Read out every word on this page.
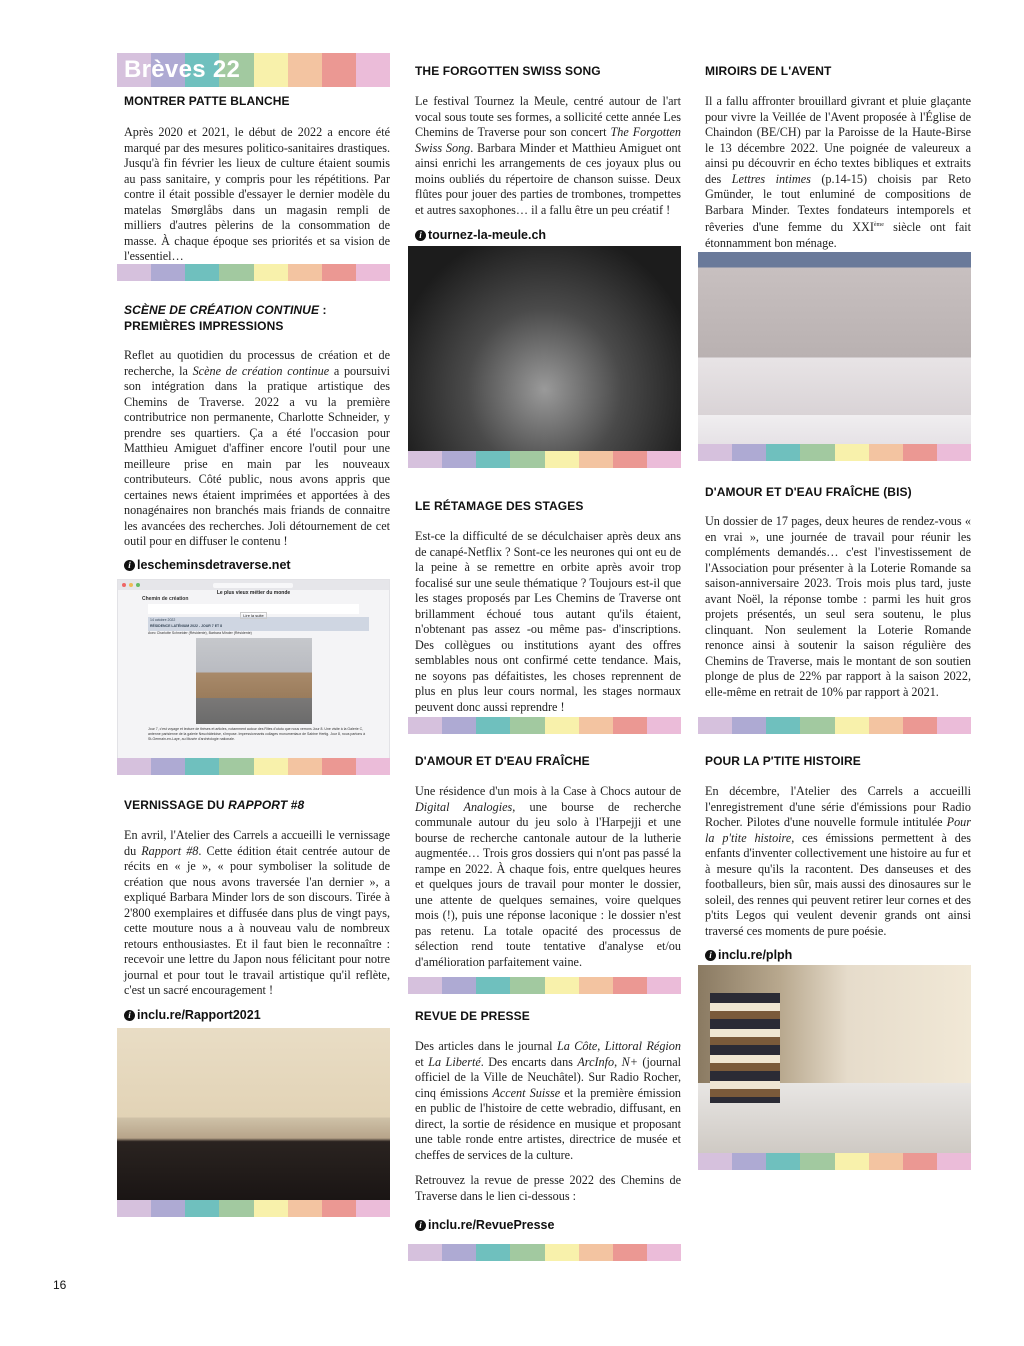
Brèves 22
MONTRER PATTE BLANCHE

Après 2020 et 2021, le début de 2022 a encore été marqué par des mesures politico-sanitaires drastiques. Jusqu'à fin février les lieux de culture étaient soumis au pass sanitaire, y compris pour les répétitions. Par contre il était possible d'essayer le dernier modèle du matelas Smørglåbs dans un magasin rempli de milliers d'autres pèlerins de la consommation de masse. À chaque époque ses priorités et sa vision de l'essentiel…

SCÈNE DE CRÉATION CONTINUE : PREMIÈRES IMPRESSIONS

Reflet au quotidien du processus de création et de recherche, la Scène de création continue a poursuivi son intégration dans la pratique artistique des Chemins de Traverse. 2022 a vu la première contributrice non permanente, Charlotte Schneider, y prendre ses quartiers. Ça a été l'occasion pour Matthieu Amiguet d'affiner encore l'outil pour une meilleure prise en main par les nouveaux contributeurs. Côté public, nous avons appris que certaines news étaient imprimées et apportées à des nonagénaires non branchés mais friands de connaitre les avancées des recherches. Joli détournement de cet outil pour en diffuser le contenu !

i lescheminsdetraverse.net
Le plus vieux métier du monde
Chemin de création
Lire la suite
14 octobre 2022
RÉSIDENCE LATÉNIUM 2022 - JOUR 7 ET 8
Avec Charlotte Schneider (Résidente), Barbara Minder (Résidente)
Jour 7, c'est voyage et lecture de thèses et articles, notamment autour des Rites d'ututu que nous verrons Jour 8. Une visite à la Galerie C, antenne parisienne de la galerie Neuchâteloise, s'impose. Impressionnants collages monumentaux de Sabine Hertig. Jour 8, nous partons à St-Germain-en-Laye, au Musée d'archéologie nationale.
VERNISSAGE DU RAPPORT #8

En avril, l'Atelier des Carrels a accueilli le vernissage du Rapport #8. Cette édition était centrée autour de récits en « je », « pour symboliser la solitude de création que nous avons traversée l'an dernier », a expliqué Barbara Minder lors de son discours. Tirée à 2'800 exemplaires et diffusée dans plus de vingt pays, cette mouture nous a à nouveau valu de nombreux retours enthousiastes. Et il faut bien le reconnaître : recevoir une lettre du Japon nous félicitant pour notre journal et pour tout le travail artistique qu'il reflète, c'est un sacré encouragement !

i inclu.re/Rapport2021
THE FORGOTTEN SWISS SONG

Le festival Tournez la Meule, centré autour de l'art vocal sous toute ses formes, a sollicité cette année Les Chemins de Traverse pour son concert The Forgotten Swiss Song. Barbara Minder et Matthieu Amiguet ont ainsi enrichi les arrangements de ces joyaux plus ou moins oubliés du répertoire de chanson suisse. Deux flûtes pour jouer des parties de trombones, trompettes et autres saxophones… il a fallu être un peu créatif !

i tournez-la-meule.ch
LE RÉTAMAGE DES STAGES

Est-ce la difficulté de se déculchaiser après deux ans de canapé-Netflix ? Sont-ce les neurones qui ont eu de la peine à se remettre en orbite après avoir trop focalisé sur une seule thématique ? Toujours est-il que les stages proposés par Les Chemins de Traverse ont brillamment échoué tous autant qu'ils étaient, n'obtenant pas assez -ou même pas- d'inscriptions. Des collègues ou institutions ayant des offres semblables nous ont confirmé cette tendance. Mais, ne soyons pas défaitistes, les choses reprennent de plus en plus leur cours normal, les stages normaux peuvent donc aussi reprendre !

D'AMOUR ET D'EAU FRAÎCHE

Une résidence d'un mois à la Case à Chocs autour de Digital Analogies, une bourse de recherche communale autour du jeu solo à l'Harpejji et une bourse de recherche cantonale autour de la lutherie augmentée… Trois gros dossiers qui n'ont pas passé la rampe en 2022. À chaque fois, entre quelques heures et quelques jours de travail pour monter le dossier, une attente de quelques semaines, voire quelques mois (!), puis une réponse laconique : le dossier n'est pas retenu. La totale opacité des processus de sélection rend toute tentative d'analyse et/ou d'amélioration parfaitement vaine.

REVUE DE PRESSE

Des articles dans le journal La Côte, Littoral Région et La Liberté. Des encarts dans ArcInfo, N+ (journal officiel de la Ville de Neuchâtel). Sur Radio Rocher, cinq émissions Accent Suisse et la première émission en public de l'histoire de cette webradio, diffusant, en direct, la sortie de résidence en musique et proposant une table ronde entre artistes, directrice de musée et cheffes de services de la culture.

Retrouvez la revue de presse 2022 des Chemins de Traverse dans le lien ci-dessous :

i inclu.re/RevuePresse
MIROIRS DE L'AVENT

Il a fallu affronter brouillard givrant et pluie glaçante pour vivre la Veillée de l'Avent proposée à l'Église de Chaindon (BE/CH) par la Paroisse de la Haute-Birse le 13 décembre 2022. Une poignée de valeureux a ainsi pu découvrir en écho textes bibliques et extraits des Lettres intimes (p.14-15) choisis par Reto Gmünder, le tout enluminé de compositions de Barbara Minder. Textes fondateurs intemporels et rêveries d'une femme du XXIème siècle ont fait étonnamment bon ménage.

D'AMOUR ET D'EAU FRAÎCHE (BIS)

Un dossier de 17 pages, deux heures de rendez-vous « en vrai », une journée de travail pour réunir les compléments demandés… c'est l'investissement de l'Association pour présenter à la Loterie Romande sa saison-anniversaire 2023. Trois mois plus tard, juste avant Noël, la réponse tombe : parmi les huit gros projets présentés, un seul sera soutenu, le plus clinquant. Non seulement la Loterie Romande renonce ainsi à soutenir la saison régulière des Chemins de Traverse, mais le montant de son soutien plonge de plus de 22% par rapport à la saison 2022, elle-même en retrait de 10% par rapport à 2021.

POUR LA P'TITE HISTOIRE

En décembre, l'Atelier des Carrels a accueilli l'enregistrement d'une série d'émissions pour Radio Rocher. Pilotes d'une nouvelle formule intitulée Pour la p'tite histoire, ces émissions permettent à des enfants d'inventer collectivement une histoire au fur et à mesure qu'ils la racontent. Des danseuses et des footballeurs, bien sûr, mais aussi des dinosaures sur le soleil, des rennes qui peuvent retirer leur cornes et des p'tits Legos qui veulent devenir grands ont ainsi traversé ces moments de pure poésie.

i inclu.re/plph
16
